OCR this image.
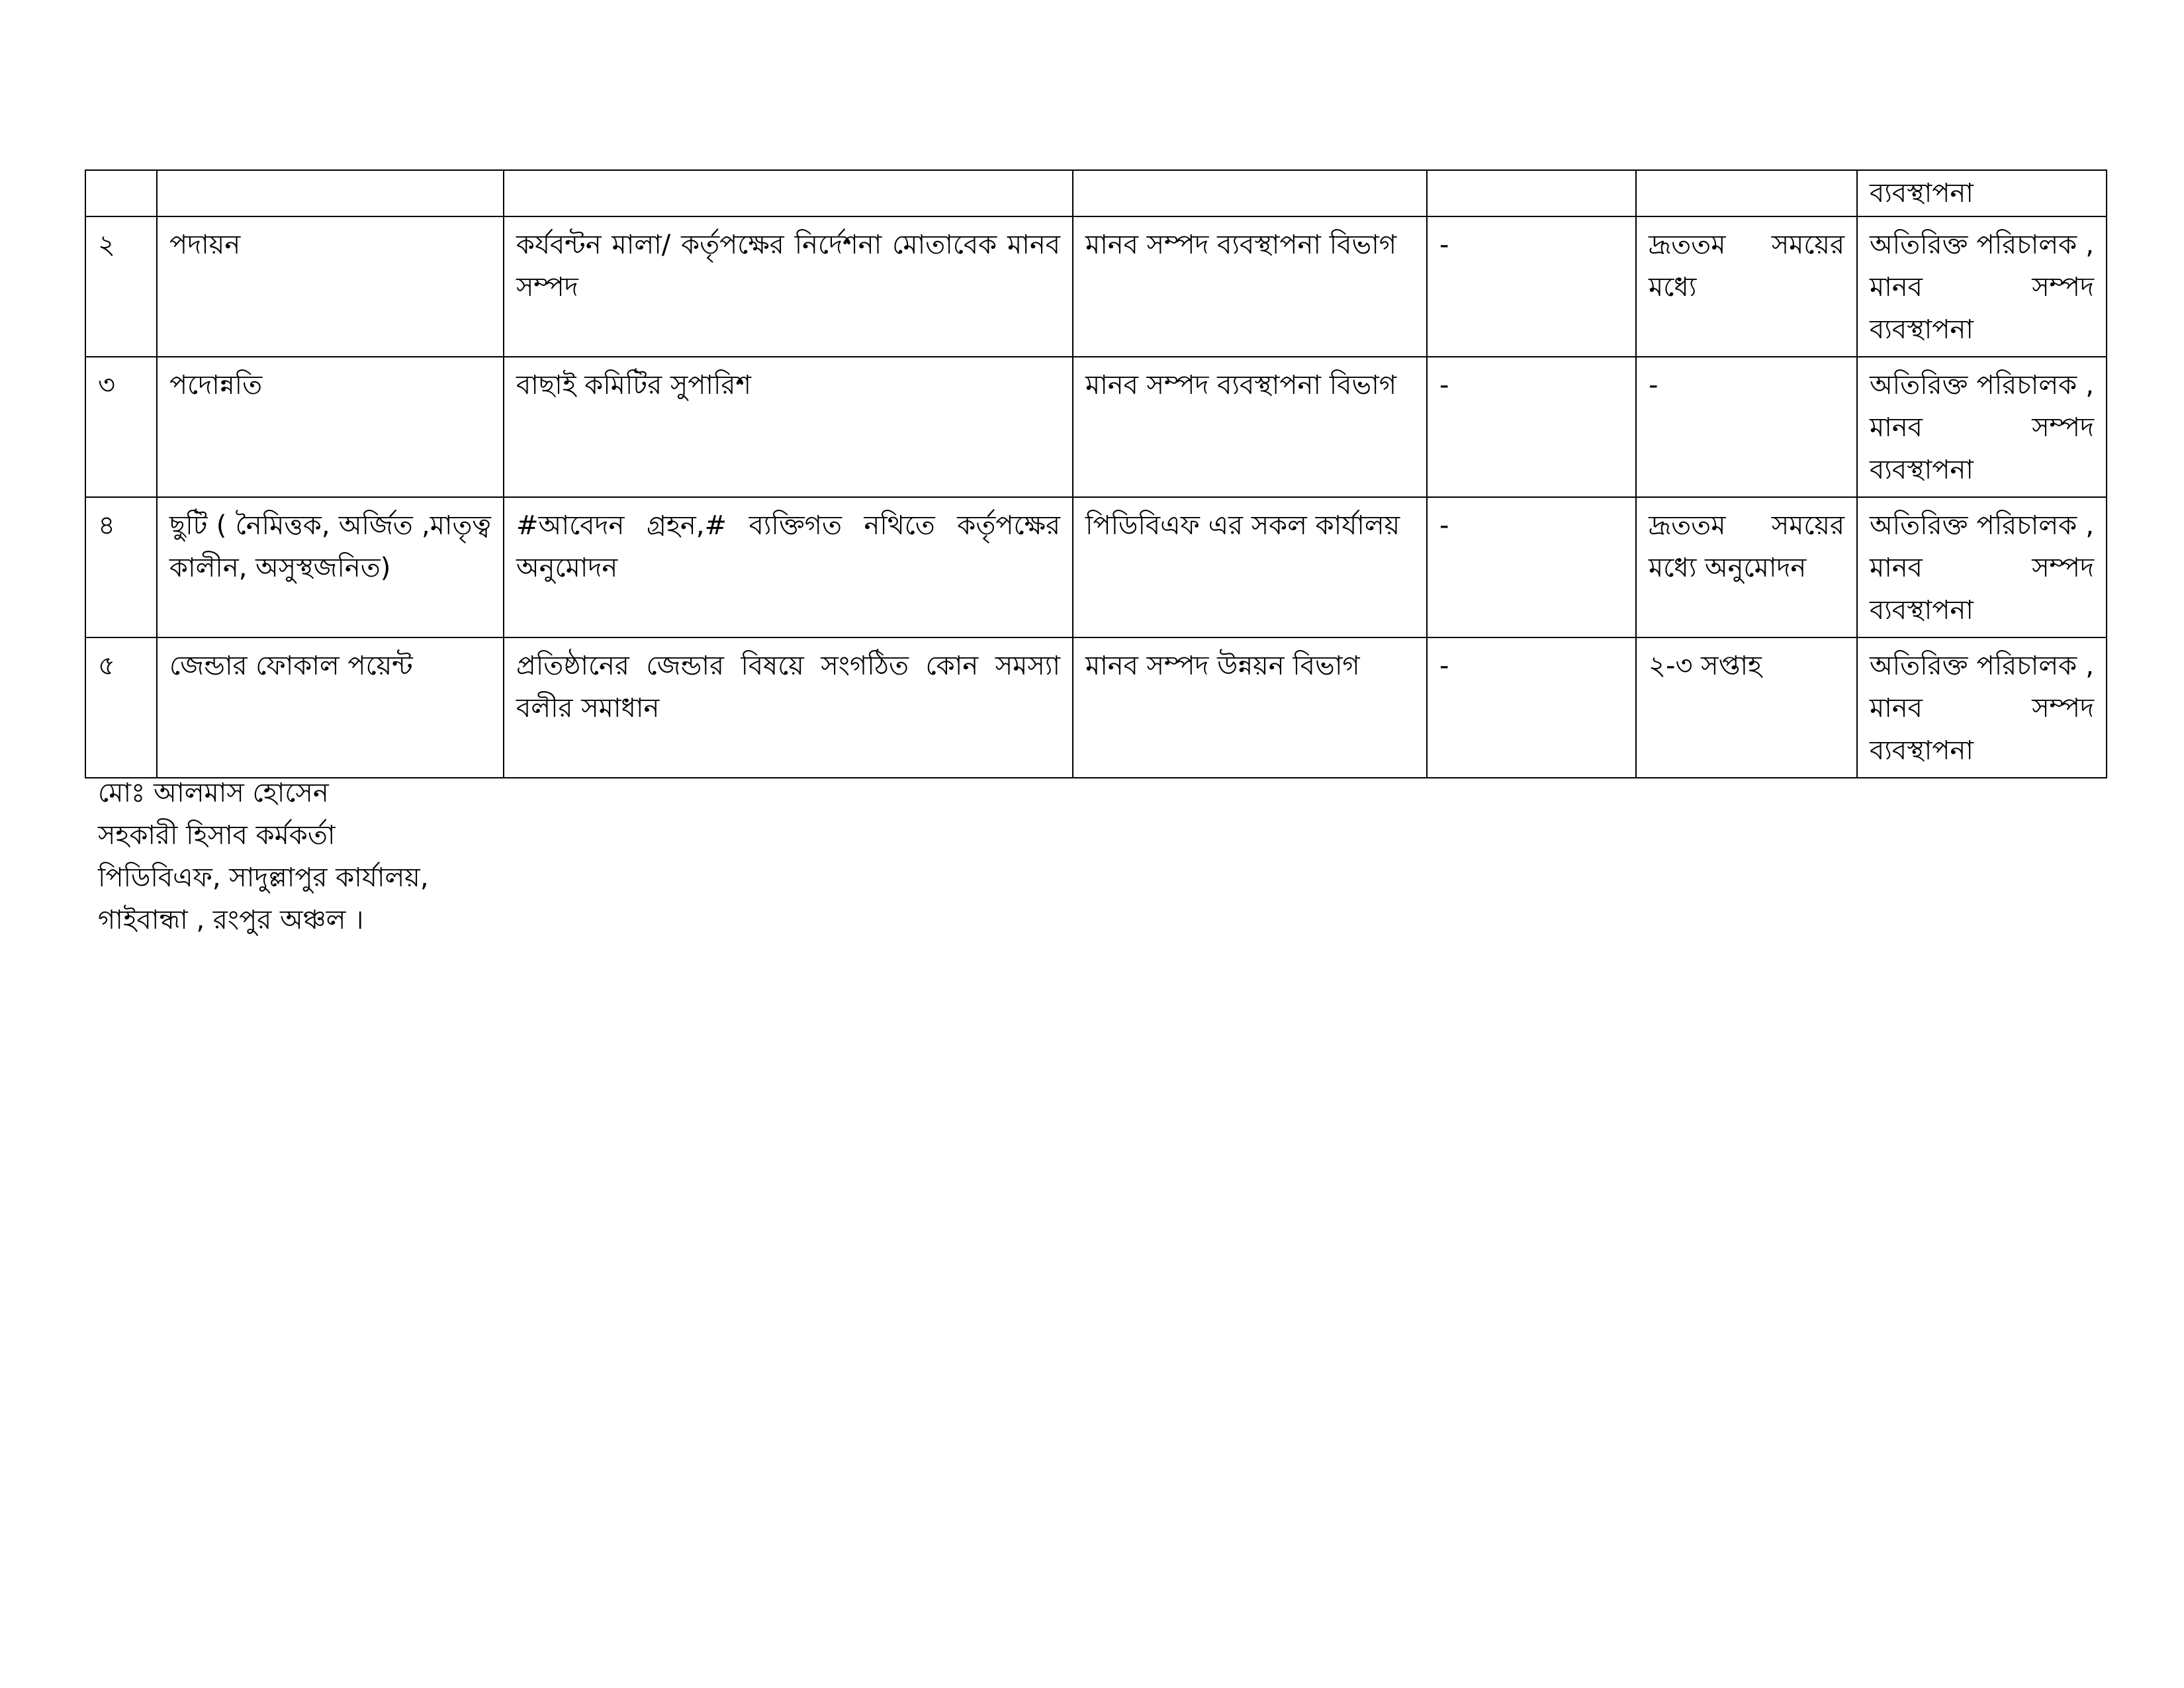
						ব্যবস্থাপনা
২	পদায়ন	কর্যবন্টন মালা/ কর্তৃপক্ষের নির্দেশনা মোতাবেক মানব সম্পদ	মানব সম্পদ ব্যবস্থাপনা বিভাগ	-	দ্রূততম সময়ের মধ্যে	অতিরিক্ত পরিচালক , মানব সম্পদ ব্যবস্থাপনা
৩	পদোন্নতি	বাছাই কমিটির সুপারিশ	মানব সম্পদ ব্যবস্থাপনা বিভাগ	-	-	অতিরিক্ত পরিচালক , মানব সম্পদ ব্যবস্থাপনা
৪	ছুটি ( নৈমিত্তক, অর্জিত ,মাতৃত্ব কালীন, অসুস্থজনিত)	#আবেদন গ্রহন,# ব্যক্তিগত নথিতে কর্তৃপক্ষের অনুমোদন	পিডিবিএফ এর সকল কার্যালয়	-	দ্রূততম সময়ের মধ্যে অনুমোদন	অতিরিক্ত পরিচালক , মানব সম্পদ ব্যবস্থাপনা
৫	জেন্ডার ফোকাল পয়েন্ট	প্রতিষ্ঠানের জেন্ডার বিষয়ে সংগঠিত কোন সমস্যা বলীর সমাধান	মানব সম্পদ উন্নয়ন বিভাগ	-	২-৩ সপ্তাহ	অতিরিক্ত পরিচালক , মানব সম্পদ ব্যবস্থাপনা
মোঃ আলমাস হোসেন
সহকারী হিসাব কর্মকর্তা
পিডিবিএফ, সাদুল্লাপুর কার্যালয়,
গাইবান্ধা , রংপুর অঞ্চল ।
